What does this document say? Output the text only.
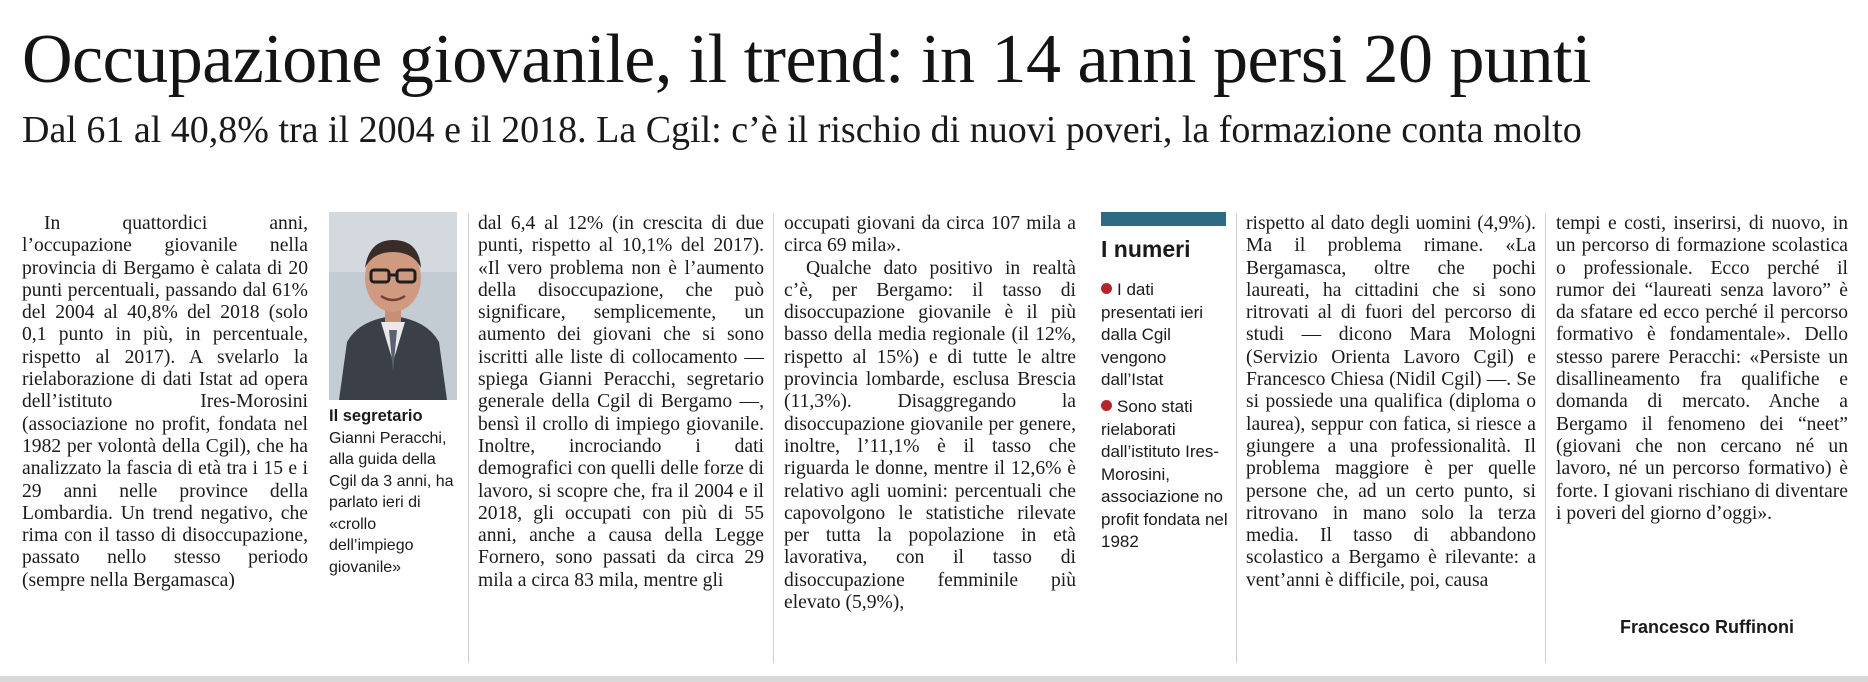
Occupazione giovanile, il trend: in 14 anni persi 20 punti
Dal 61 al 40,8% tra il 2004 e il 2018. La Cgil: c’è il rischio di nuovi poveri, la formazione conta molto

In quattordici anni, l’occupazione giovanile nella provincia di Bergamo è calata di 20 punti percentuali, passando dal 61% del 2004 al 40,8% del 2018 (solo 0,1 punto in più, in percentuale, rispetto al 2017). A svelarlo la rielaborazione di dati Istat ad opera dell’istituto Ires-Morosini (associazione no profit, fondata nel 1982 per volontà della Cgil), che ha analizzato la fascia di età tra i 15 e i 29 anni nelle province della Lombardia. Un trend negativo, che rima con il tasso di disoccupazione, passato nello stesso periodo (sempre nella Bergamasca)

Il segretario
Gianni Peracchi, alla guida della Cgil da 3 anni, ha parlato ieri di «crollo dell’impiego giovanile»

dal 6,4 al 12% (in crescita di due punti, rispetto al 10,1% del 2017). «Il vero problema non è l’aumento della disoccupazione, che può significare, semplicemente, un aumento dei giovani che si sono iscritti alle liste di collocamento — spiega Gianni Peracchi, segretario generale della Cgil di Bergamo —, bensì il crollo di impiego giovanile. Inoltre, incrociando i dati demografici con quelli delle forze di lavoro, si scopre che, fra il 2004 e il 2018, gli occupati con più di 55 anni, anche a causa della Legge Fornero, sono passati da circa 29 mila a circa 83 mila, mentre gli

occupati giovani da circa 107 mila a circa 69 mila».

Qualche dato positivo in realtà c’è, per Bergamo: il tasso di disoccupazione giovanile è il più basso della media regionale (il 12%, rispetto al 15%) e di tutte le altre provincia lombarde, esclusa Brescia (11,3%). Disaggregando la disoccupazione giovanile per genere, inoltre, l’11,1% è il tasso che riguarda le donne, mentre il 12,6% è relativo agli uomini: percentuali che capovolgono le statistiche rilevate per tutta la popolazione in età lavorativa, con il tasso di disoccupazione femminile più elevato (5,9%),

I numeri
I dati presentati ieri dalla Cgil vengono dall’Istat
Sono stati rielaborati dall’istituto Ires-Morosini, associazione no profit fondata nel 1982

rispetto al dato degli uomini (4,9%). Ma il problema rimane. «La Bergamasca, oltre che pochi laureati, ha cittadini che si sono ritrovati al di fuori del percorso di studi — dicono Mara Mologni (Servizio Orienta Lavoro Cgil) e Francesco Chiesa (Nidil Cgil) —. Se si possiede una qualifica (diploma o laurea), seppur con fatica, si riesce a giungere a una professionalità. Il problema maggiore è per quelle persone che, ad un certo punto, si ritrovano in mano solo la terza media. Il tasso di abbandono scolastico a Bergamo è rilevante: a vent’anni è difficile, poi, causa

tempi e costi, inserirsi, di nuovo, in un percorso di formazione scolastica o professionale. Ecco perché il rumor dei “laureati senza lavoro” è da sfatare ed ecco perché il percorso formativo è fondamentale». Dello stesso parere Peracchi: «Persiste un disallineamento fra qualifiche e domanda di mercato. Anche a Bergamo il fenomeno dei “neet” (giovani che non cercano né un lavoro, né un percorso formativo) è forte. I giovani rischiano di diventare i poveri del giorno d’oggi».

Francesco Ruffinoni
